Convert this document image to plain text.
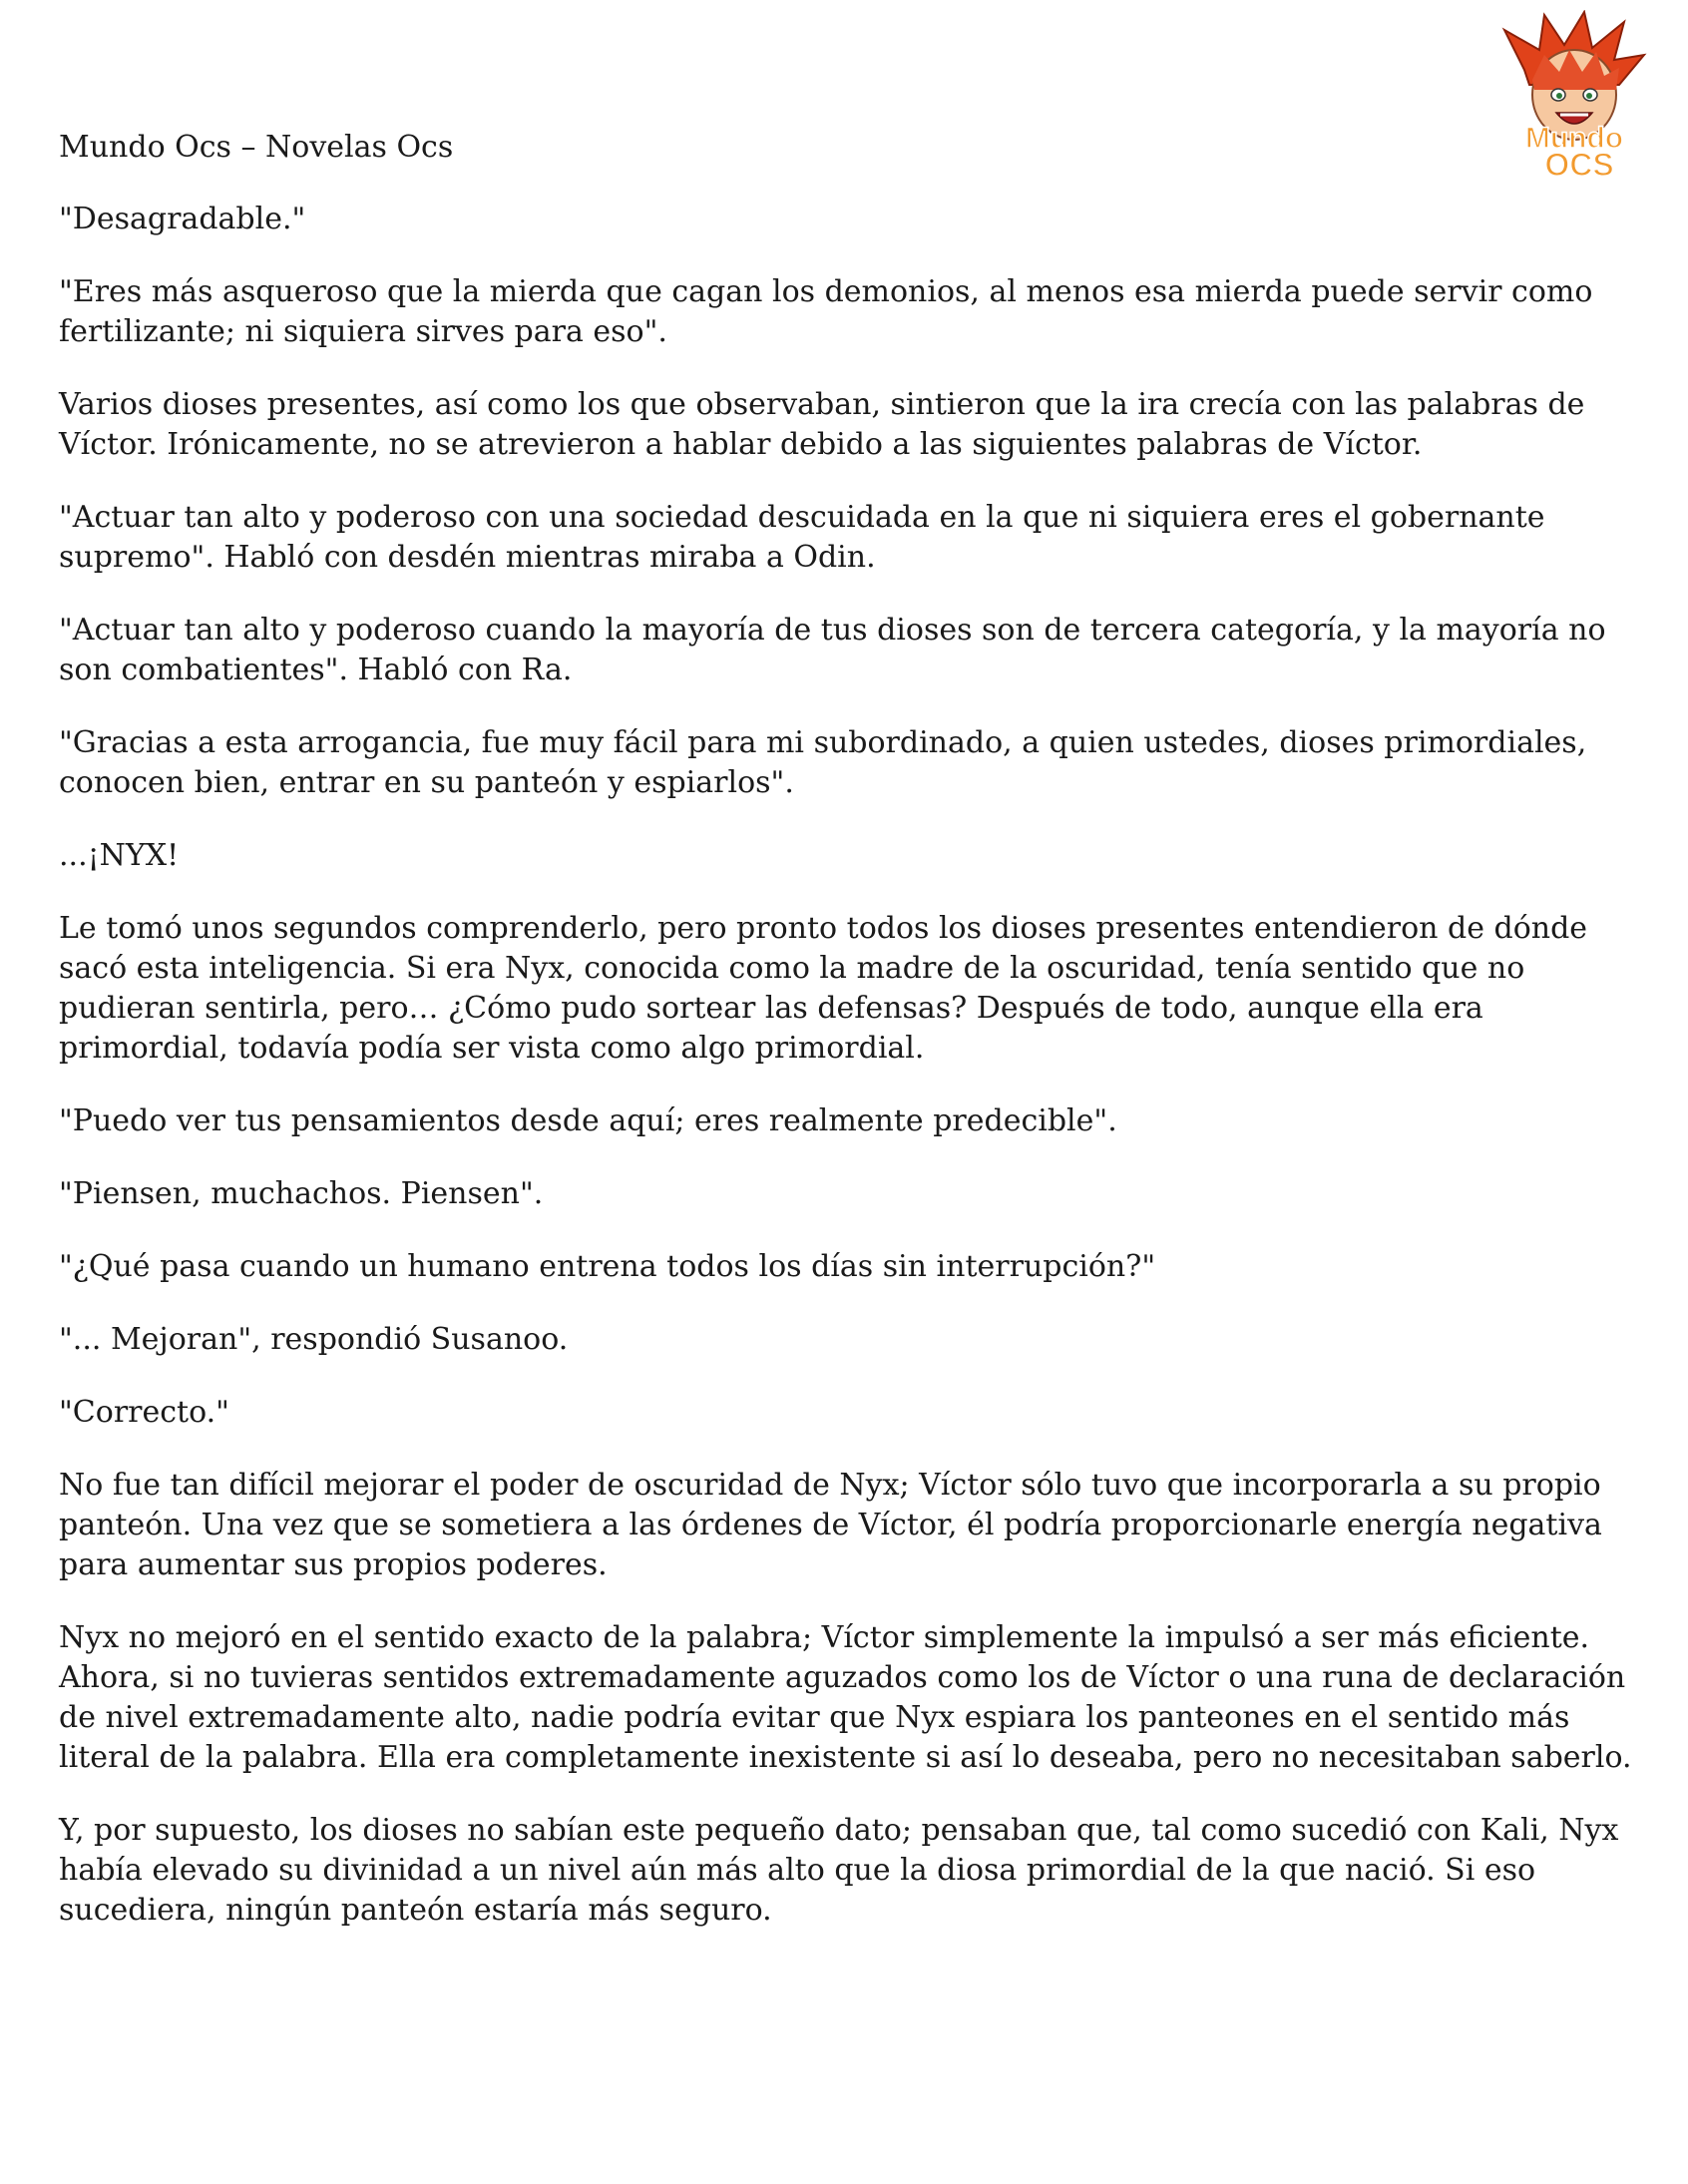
Mundo
OCS
Mundo Ocs – Novelas Ocs

"Desagradable."

"Eres más asqueroso que la mierda que cagan los demonios, al menos esa mierda puede servir como fertilizante; ni siquiera sirves para eso".

Varios dioses presentes, así como los que observaban, sintieron que la ira crecía con las palabras de Víctor. Irónicamente, no se atrevieron a hablar debido a las siguientes palabras de Víctor.

"Actuar tan alto y poderoso con una sociedad descuidada en la que ni siquiera eres el gobernante supremo". Habló con desdén mientras miraba a Odin.

"Actuar tan alto y poderoso cuando la mayoría de tus dioses son de tercera categoría, y la mayoría no son combatientes". Habló con Ra.

"Gracias a esta arrogancia, fue muy fácil para mi subordinado, a quien ustedes, dioses primordiales, conocen bien, entrar en su panteón y espiarlos".

...¡NYX!

Le tomó unos segundos comprenderlo, pero pronto todos los dioses presentes entendieron de dónde sacó esta inteligencia. Si era Nyx, conocida como la madre de la oscuridad, tenía sentido que no pudieran sentirla, pero… ¿Cómo pudo sortear las defensas? Después de todo, aunque ella era primordial, todavía podía ser vista como algo primordial.

"Puedo ver tus pensamientos desde aquí; eres realmente predecible".

"Piensen, muchachos. Piensen".

"¿Qué pasa cuando un humano entrena todos los días sin interrupción?"

"... Mejoran", respondió Susanoo.

"Correcto."

No fue tan difícil mejorar el poder de oscuridad de Nyx; Víctor sólo tuvo que incorporarla a su propio panteón. Una vez que se sometiera a las órdenes de Víctor, él podría proporcionarle energía negativa para aumentar sus propios poderes.

Nyx no mejoró en el sentido exacto de la palabra; Víctor simplemente la impulsó a ser más eficiente. Ahora, si no tuvieras sentidos extremadamente aguzados como los de Víctor o una runa de declaración de nivel extremadamente alto, nadie podría evitar que Nyx espiara los panteones en el sentido más literal de la palabra. Ella era completamente inexistente si así lo deseaba, pero no necesitaban saberlo.

Y, por supuesto, los dioses no sabían este pequeño dato; pensaban que, tal como sucedió con Kali, Nyx había elevado su divinidad a un nivel aún más alto que la diosa primordial de la que nació. Si eso sucediera, ningún panteón estaría más seguro.
